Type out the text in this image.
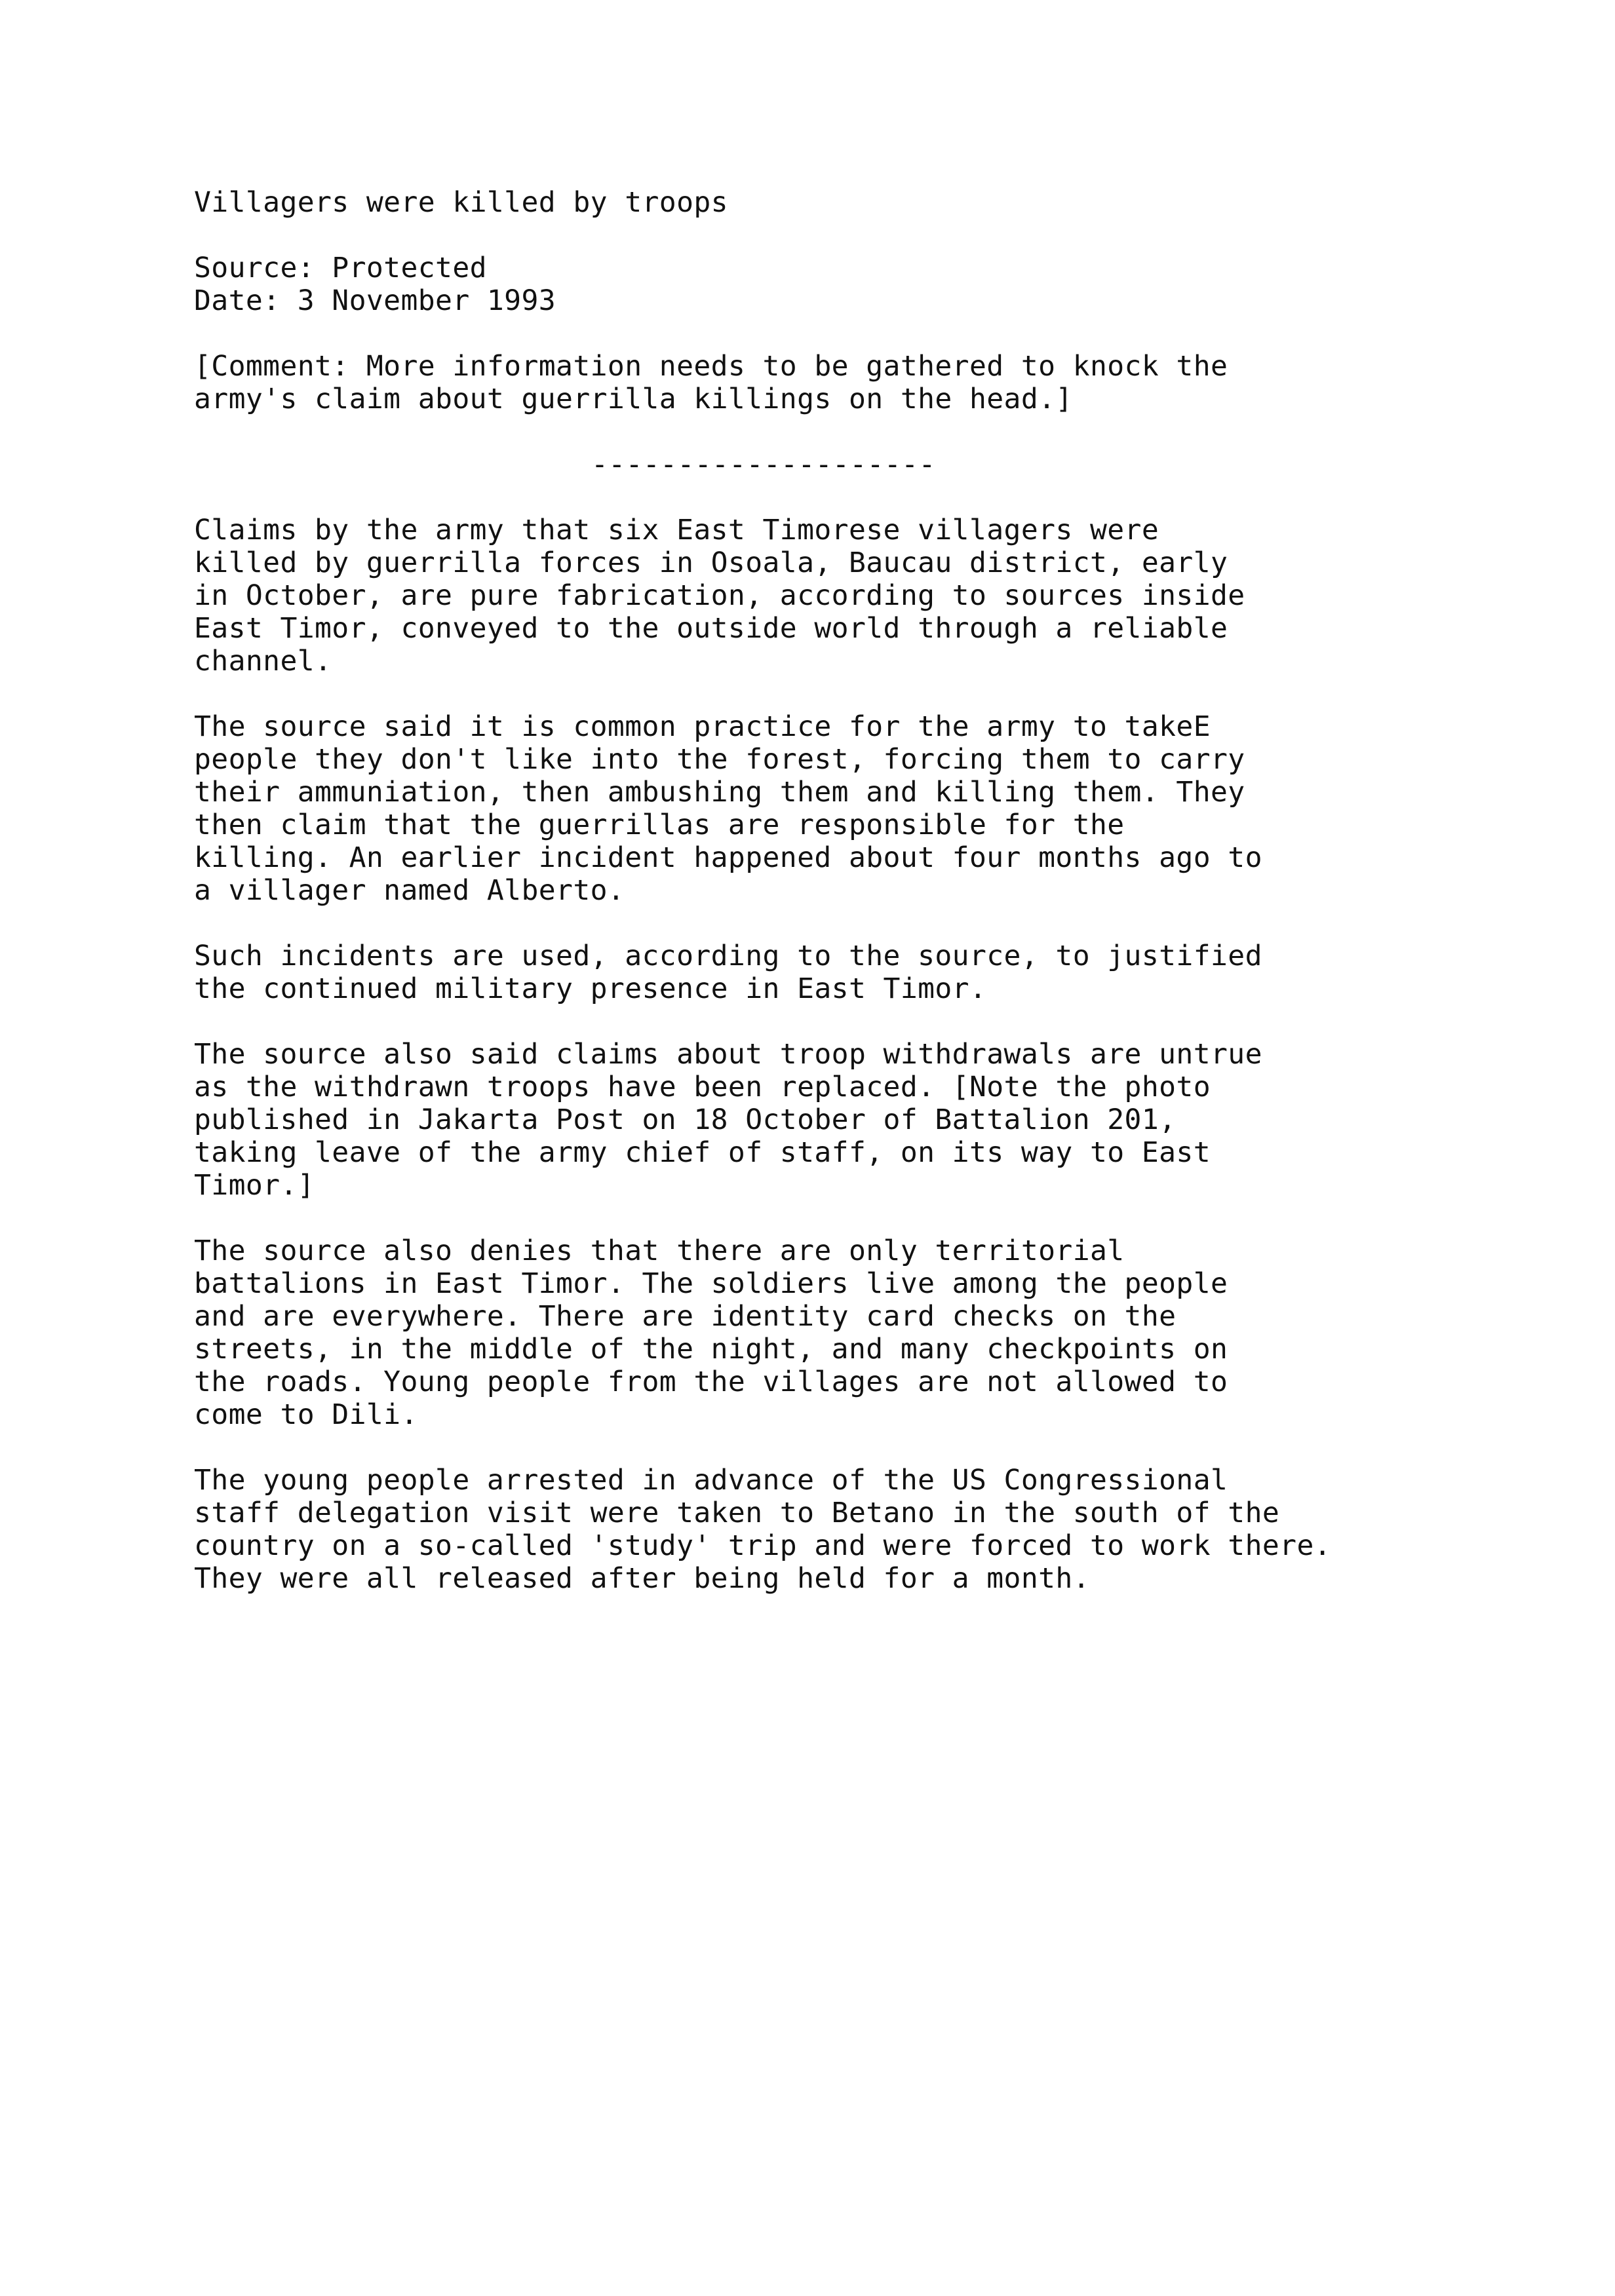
Villagers were killed by troops

Source: Protected
Date: 3 November 1993

[Comment: More information needs to be gathered to knock the
army's claim about guerrilla killings on the head.]

--------------------

Claims by the army that six East Timorese villagers were
killed by guerrilla forces in Osoala, Baucau district, early
in October, are pure fabrication, according to sources inside
East Timor, conveyed to the outside world through a reliable
channel.

The source said it is common practice for the army to takeE
people they don't like into the forest, forcing them to carry
their ammuniation, then ambushing them and killing them. They
then claim that the guerrillas are responsible for the
killing. An earlier incident happened about four months ago to
a villager named Alberto.

Such incidents are used, according to the source, to justified
the continued military presence in East Timor.

The source also said claims about troop withdrawals are untrue
as the withdrawn troops have been replaced. [Note the photo
published in Jakarta Post on 18 October of Battalion 201,
taking leave of the army chief of staff, on its way to East
Timor.]

The source also denies that there are only territorial
battalions in East Timor. The soldiers live among the people
and are everywhere. There are identity card checks on the
streets, in the middle of the night, and many checkpoints on
the roads. Young people from the villages are not allowed to
come to Dili.

The young people arrested in advance of the US Congressional
staff delegation visit were taken to Betano in the south of the
country on a so-called 'study' trip and were forced to work there.
They were all released after being held for a month.
